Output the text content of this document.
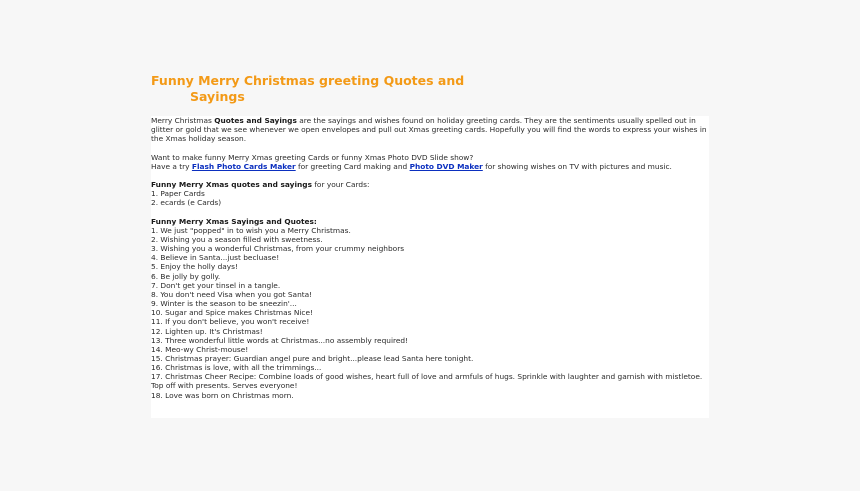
Funny Merry Christmas greeting Quotes and
Sayings

Merry Christmas Quotes and Sayings are the sayings and wishes found on holiday greeting cards. They are the sentiments usually spelled out in glitter or gold that we see whenever we open envelopes and pull out Xmas greeting cards. Hopefully you will find the words to express your wishes in the Xmas holiday season.

Want to make funny Merry Xmas greeting Cards or funny Xmas Photo DVD Slide show?

Have a try Flash Photo Cards Maker for greeting Card making and Photo DVD Maker for showing wishes on TV with pictures and music.

Funny Merry Xmas quotes and sayings for your Cards:

1. Paper Cards
2. ecards (e Cards)

Funny Merry Xmas Sayings and Quotes:

1. We just "popped" in to wish you a Merry Christmas.
2. Wishing you a season filled with sweetness.
3. Wishing you a wonderful Christmas, from your crummy neighbors
4. Believe in Santa...just becluase!
5. Enjoy the holly days!
6. Be jolly by golly.
7. Don't get your tinsel in a tangle.
8. You don't need Visa when you got Santa!
9. Winter is the season to be sneezin'...
10. Sugar and Spice makes Christmas Nice!
11. If you don't believe, you won't receive!
12. Lighten up. It's Christmas!
13. Three wonderful little words at Christmas...no assembly required!
14. Meo-wy Christ-mouse!
15. Christmas prayer: Guardian angel pure and bright...please lead Santa here tonight.
16. Christmas is love, with all the trimmings...
17. Christmas Cheer Recipe: Combine loads of good wishes, heart full of love and armfuls of hugs. Sprinkle with laughter and garnish with mistletoe. Top off with presents. Serves everyone!
18. Love was born on Christmas morn.
